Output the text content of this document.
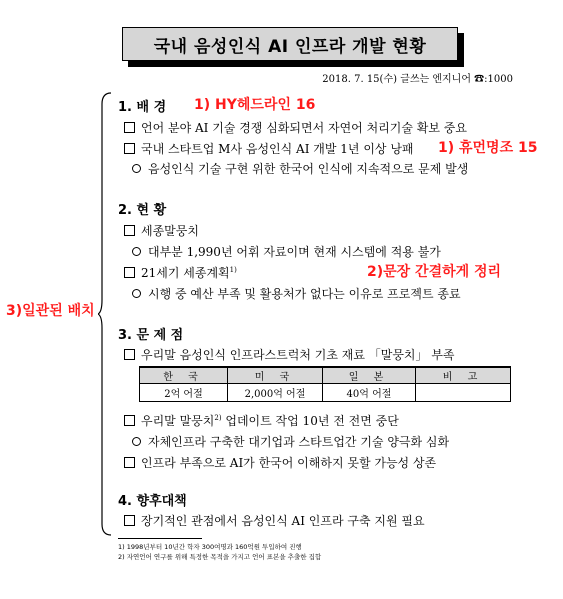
국내 음성인식 AI 인프라 개발 현황
2018. 7. 15(수) 글쓰는 엔지니어 ☎:1000
3)일관된 배치
1. 배 경 1) HY헤드라인 16
언어 분야 AI 기술 경쟁 심화되면서 자연어 처리기술 확보 중요
국내 스타트업 M사 음성인식 AI 개발 1년 이상 낭패 1) 휴먼명조 15
음성인식 기술 구현 위한 한국어 인식에 지속적으로 문제 발생
2. 현 황
세종말뭉치
대부분 1,990년 어휘 자료이며 현재 시스템에 적용 불가
21세기 세종계획$^{1)}$	2)문장 간결하게 정리
시행 중 예산 부족 및 활용처가 없다는 이유로 프로젝트 종료
3. 문 제 점
우리말 음성인식 인프라스트럭처 기초 재료 「말뭉치」 부족
한 국	미 국	일 본	비 고
2억 어절	2,000억 어절	40억 어절	
우리말 말뭉치$^{2)}$ 업데이트 작업 10년 전 전면 중단
자체인프라 구축한 대기업과 스타트업간 기술 양극화 심화
인프라 부족으로 AI가 한국어 이해하지 못할 가능성 상존
4. 향후대책
장기적인 관점에서 음성인식 AI 인프라 구축 지원 필요
1) 1998년부터 10년간 학자 300여명과 160억원 투입하여 진행
2) 자연언어 연구를 위해 특정한 목적을 가지고 언어 표본을 추출한 집합
